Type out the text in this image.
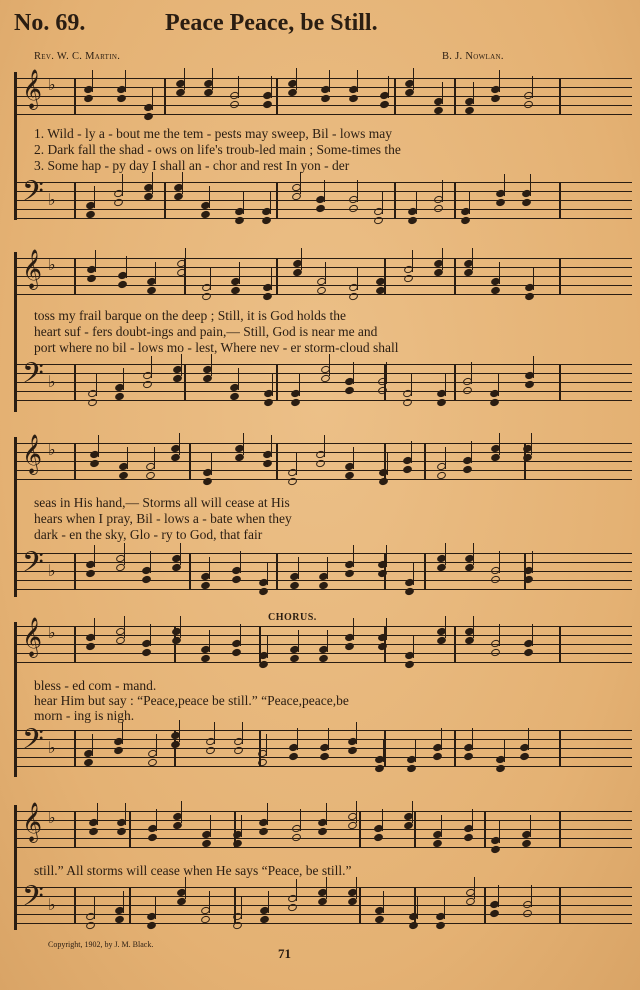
No. 69.	Peace Peace, be Still.
Rev. W. C. Martin.	B. J. Nowlan.
𝄞 ♭
𝄢 ♭
1. Wild - ly a - bout me the tem - pests may sweep, Bil - lows may
2. Dark fall the shad - ows on life's troub-led main ; Some-times the
3. Some hap - py day I shall an - chor and rest In yon - der
𝄞 ♭
𝄢 ♭
toss my frail barque on the deep ; Still, it is God holds the
heart suf - fers doubt-ings and pain,— Still, God is near me and
port where no bil - lows mo - lest, Where nev - er storm-cloud shall
𝄞 ♭
𝄢 ♭
seas in His hand,— Storms all will cease at His
hears when I pray, Bil - lows a - bate when they
dark - en the sky, Glo - ry to God, that fair
CHORUS.
𝄞 ♭
𝄢 ♭
bless - ed com - mand.
hear Him but say : “Peace,peace be still.” “Peace,peace,be
morn - ing is nigh.
𝄞 ♭
𝄢 ♭
still.” All storms will cease when He says “Peace, be still.”
Copyright, 1902, by J. M. Black.
71
